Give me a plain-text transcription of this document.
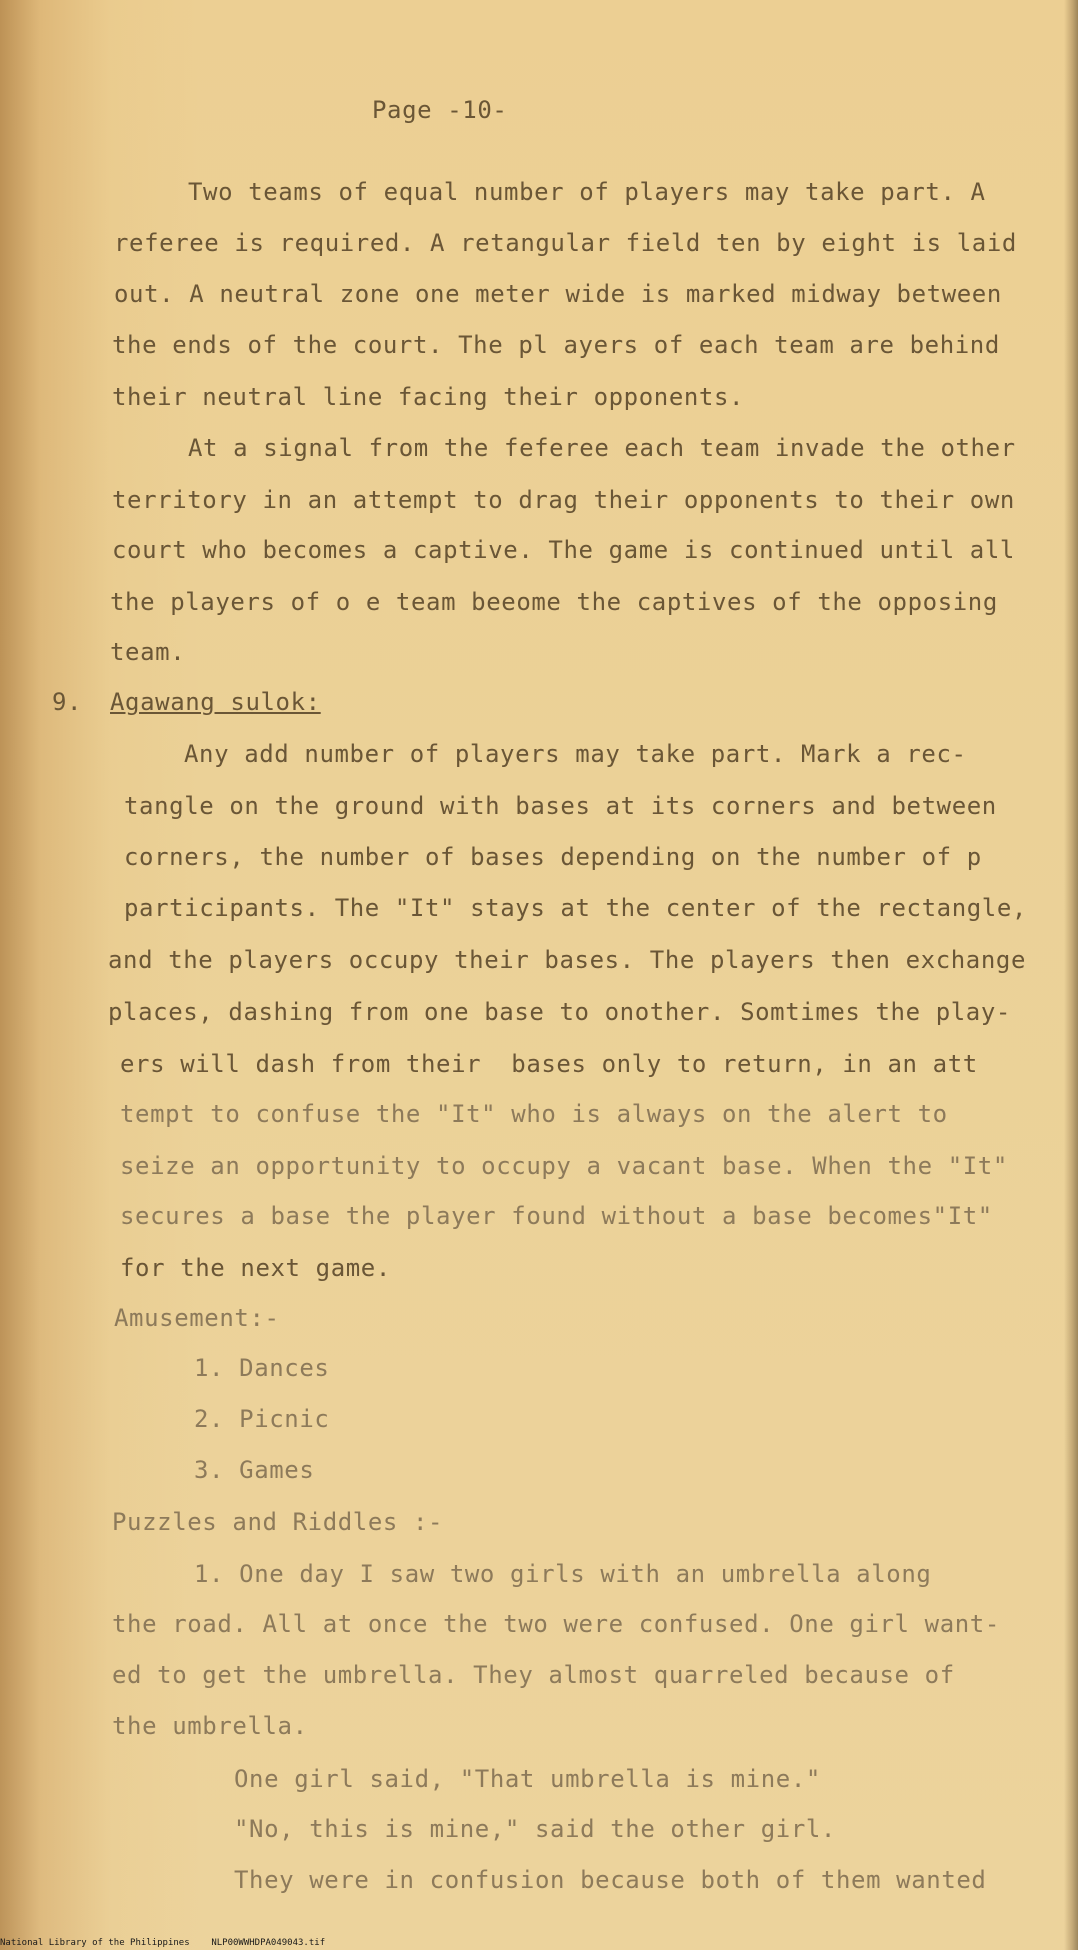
Page -10-
Two teams of equal number of players may take part. A
referee is required. A retangular field ten by eight is laid
out. A neutral zone one meter wide is marked midway between
the ends of the court. The pl ayers of each team are behind
their neutral line facing their opponents.
At a signal from the feferee each team invade the other
territory in an attempt to drag their opponents to their own
court who becomes a captive. The game is continued until all
the players of o e team beeome the captives of the opposing
team.
9. Agawang sulok:
Any add number of players may take part. Mark a rec-
tangle on the ground with bases at its corners and between
corners, the number of bases depending on the number of p
participants. The "It" stays at the center of the rectangle,
and the players occupy their bases. The players then exchange
places, dashing from one base to onother. Somtimes the play-
ers will dash from their  bases only to return, in an att
tempt to confuse the "It" who is always on the alert to
seize an opportunity to occupy a vacant base. When the "It"
secures a base the player found without a base becomes"It"
for the next game.
Amusement:-
1. Dances
2. Picnic
3. Games
Puzzles and Riddles :-
1. One day I saw two girls with an umbrella along
the road. All at once the two were confused. One girl want-
ed to get the umbrella. They almost quarreled because of
the umbrella.
One girl said, "That umbrella is mine."
"No, this is mine," said the other girl.
They were in confusion because both of them wanted
National Library of the Philippines    NLP00WWHDPA049043.tif
